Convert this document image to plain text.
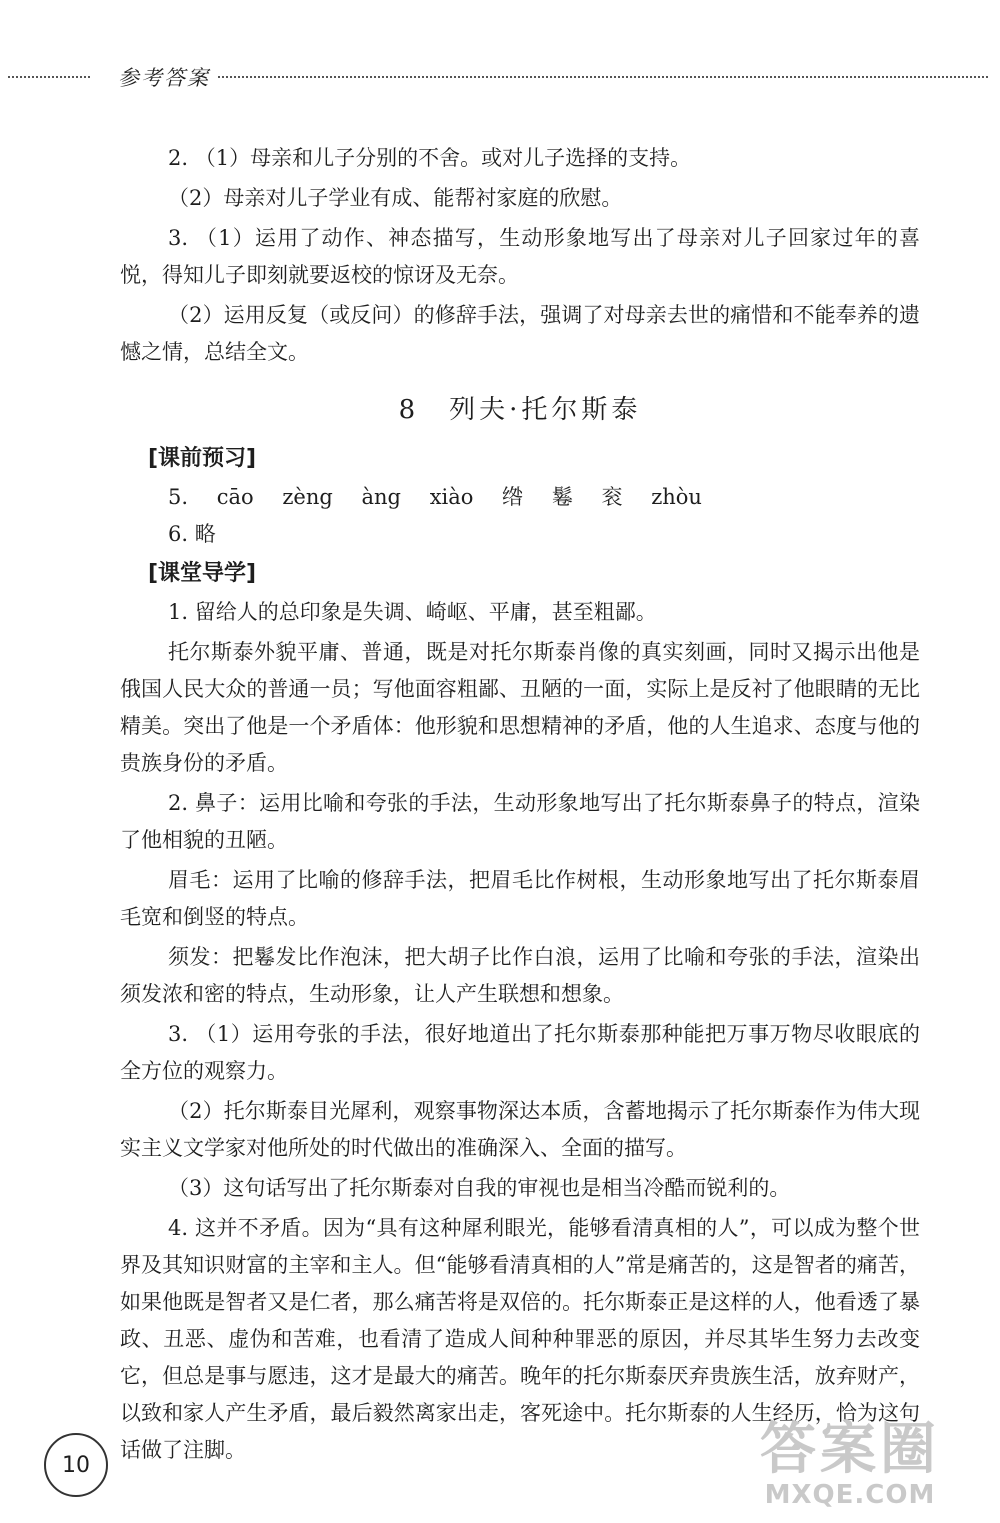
参考答案

2. （1）母亲和儿子分别的不舍。或对儿子选择的支持。

（2）母亲对儿子学业有成、能帮衬家庭的欣慰。

3. （1）运用了动作、神态描写，生动形象地写出了母亲对儿子回家过年的喜悦，得知儿子即刻就要返校的惊讶及无奈。

（2）运用反复（或反问）的修辞手法，强调了对母亲去世的痛惜和不能奉养的遗憾之情，总结全文。

8 列夫·托尔斯泰
[课前预习]
5. cāo zèng àng xiào 绺 鬈 衮 zhòu
6. 略
[课堂导学]

1. 留给人的总印象是失调、崎岖、平庸，甚至粗鄙。

托尔斯泰外貌平庸、普通，既是对托尔斯泰肖像的真实刻画，同时又揭示出他是俄国人民大众的普通一员；写他面容粗鄙、丑陋的一面，实际上是反衬了他眼睛的无比精美。突出了他是一个矛盾体：他形貌和思想精神的矛盾，他的人生追求、态度与他的贵族身份的矛盾。

2. 鼻子：运用比喻和夸张的手法，生动形象地写出了托尔斯泰鼻子的特点，渲染了他相貌的丑陋。

眉毛：运用了比喻的修辞手法，把眉毛比作树根，生动形象地写出了托尔斯泰眉毛宽和倒竖的特点。

须发：把鬈发比作泡沫，把大胡子比作白浪，运用了比喻和夸张的手法，渲染出须发浓和密的特点，生动形象，让人产生联想和想象。

3. （1）运用夸张的手法，很好地道出了托尔斯泰那种能把万事万物尽收眼底的全方位的观察力。

（2）托尔斯泰目光犀利，观察事物深达本质，含蓄地揭示了托尔斯泰作为伟大现实主义文学家对他所处的时代做出的准确深入、全面的描写。

（3）这句话写出了托尔斯泰对自我的审视也是相当冷酷而锐利的。

4. 这并不矛盾。因为“具有这种犀利眼光，能够看清真相的人”，可以成为整个世界及其知识财富的主宰和主人。但“能够看清真相的人”常是痛苦的，这是智者的痛苦，如果他既是智者又是仁者，那么痛苦将是双倍的。托尔斯泰正是这样的人，他看透了暴政、丑恶、虚伪和苦难，也看清了造成人间种种罪恶的原因，并尽其毕生努力去改变它，但总是事与愿违，这才是最大的痛苦。晚年的托尔斯泰厌弃贵族生活，放弃财产，以致和家人产生矛盾，最后毅然离家出走，客死途中。托尔斯泰的人生经历，恰为这句话做了注脚。

10	答案圈
MXQE.COM
